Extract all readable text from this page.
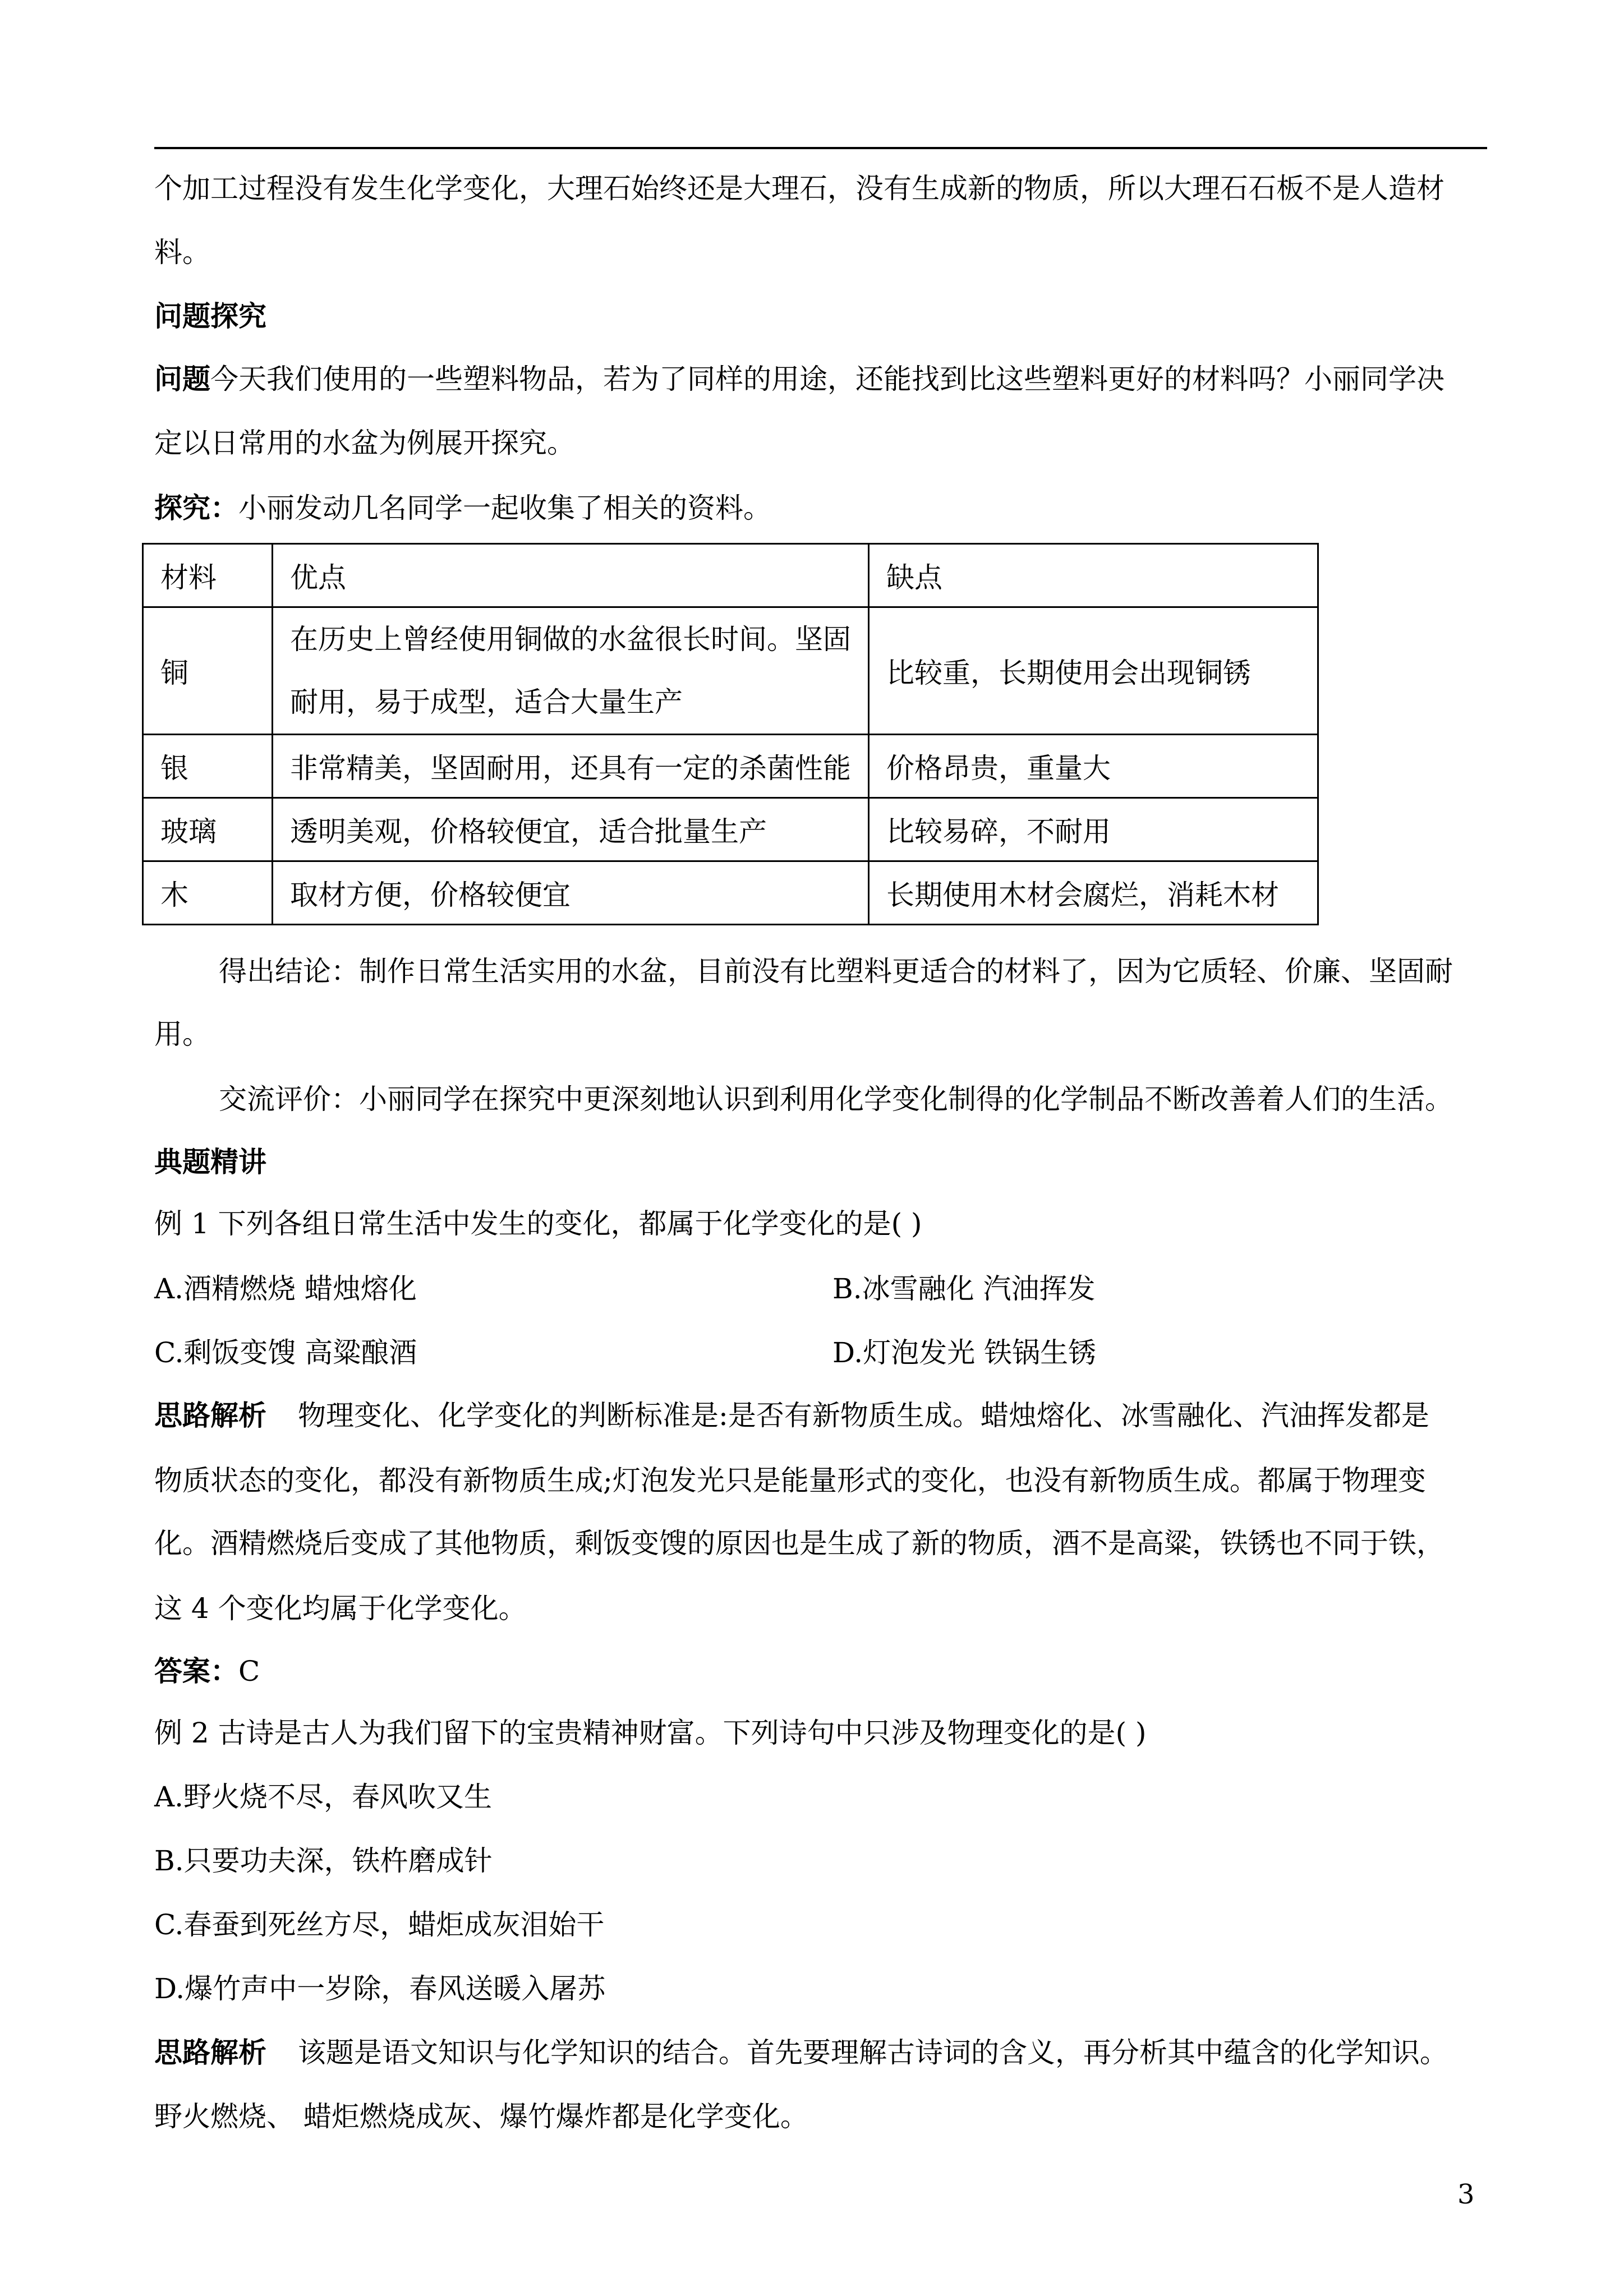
个加工过程没有发生化学变化，大理石始终还是大理石，没有生成新的物质，所以大理石石板不是人造材
料。
问题探究
问题今天我们使用的一些塑料物品，若为了同样的用途，还能找到比这些塑料更好的材料吗？小丽同学决
定以日常用的水盆为例展开探究。
探究：小丽发动几名同学一起收集了相关的资料。
材料	优点	缺点
铜	在历史上曾经使用铜做的水盆很长时间。坚固
耐用，易于成型，适合大量生产	比较重，长期使用会出现铜锈
银	非常精美，坚固耐用，还具有一定的杀菌性能	价格昂贵，重量大
玻璃	透明美观，价格较便宜，适合批量生产	比较易碎，不耐用
木	取材方便，价格较便宜	长期使用木材会腐烂，消耗木材
得出结论：制作日常生活实用的水盆，目前没有比塑料更适合的材料了，因为它质轻、价廉、坚固耐
用。
交流评价：小丽同学在探究中更深刻地认识到利用化学变化制得的化学制品不断改善着人们的生活。
典题精讲
例 1 下列各组日常生活中发生的变化，都属于化学变化的是( )
A.酒精燃烧 蜡烛熔化	B.冰雪融化 汽油挥发
C.剩饭变馊 高粱酿酒	D.灯泡发光 铁锅生锈
思路解析 物理变化、化学变化的判断标准是:是否有新物质生成。蜡烛熔化、冰雪融化、汽油挥发都是
物质状态的变化，都没有新物质生成;灯泡发光只是能量形式的变化，也没有新物质生成。都属于物理变
化。酒精燃烧后变成了其他物质，剩饭变馊的原因也是生成了新的物质，酒不是高粱，铁锈也不同于铁，
这 4 个变化均属于化学变化。
答案：C
例 2 古诗是古人为我们留下的宝贵精神财富。下列诗句中只涉及物理变化的是( )
A.野火烧不尽，春风吹又生
B.只要功夫深，铁杵磨成针
C.春蚕到死丝方尽，蜡炬成灰泪始干
D.爆竹声中一岁除，春风送暖入屠苏
思路解析 该题是语文知识与化学知识的结合。首先要理解古诗词的含义，再分析其中蕴含的化学知识。
野火燃烧、 蜡炬燃烧成灰、爆竹爆炸都是化学变化。
3
